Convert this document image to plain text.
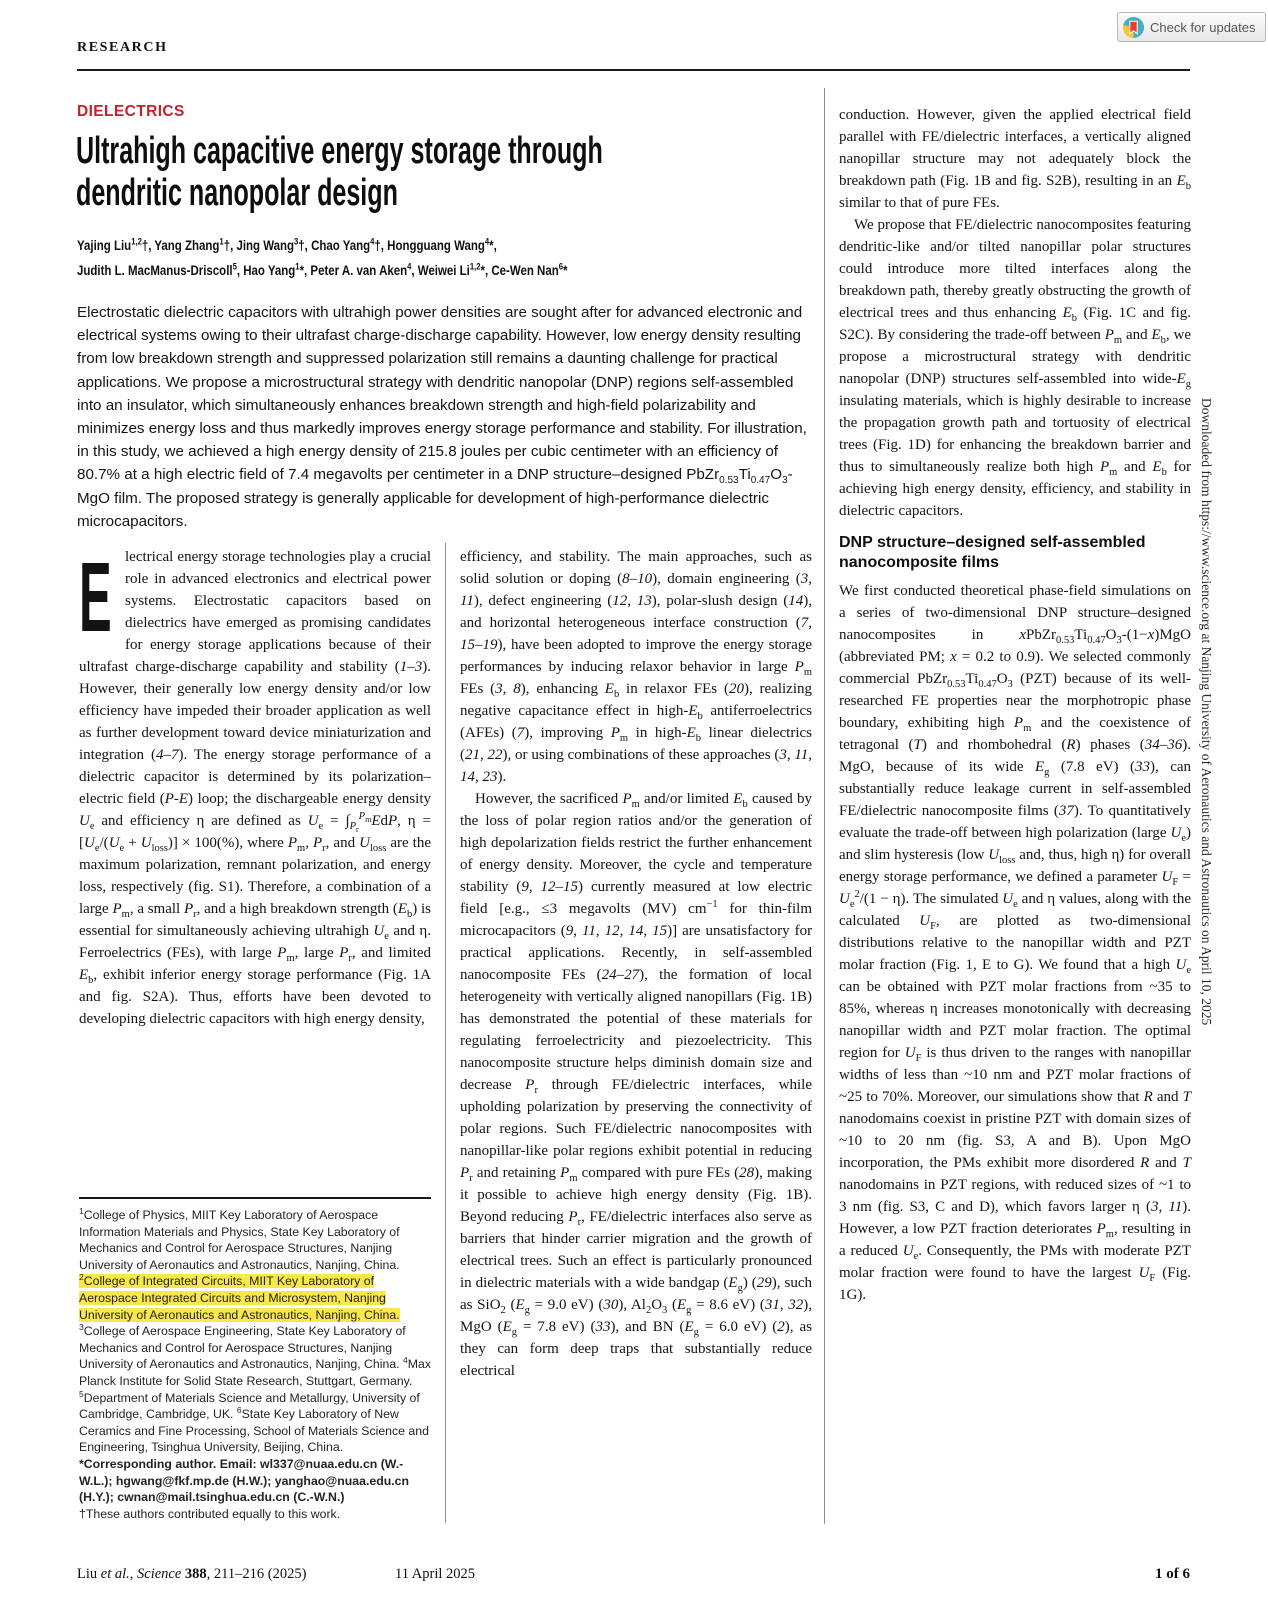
RESEARCH
Check for updates
DIELECTRICS
Ultrahigh capacitive energy storage through
dendritic nanopolar design
Yajing Liu$^{1,2}$†, Yang Zhang$^1$†, Jing Wang$^3$†, Chao Yang$^4$†, Hongguang Wang$^4$*,
Judith L. MacManus-Driscoll$^5$, Hao Yang$^1$*, Peter A. van Aken$^4$, Weiwei Li$^{1,2}$*, Ce-Wen Nan$^6$*
Electrostatic dielectric capacitors with ultrahigh power densities are sought after for advanced electronic and electrical systems owing to their ultrafast charge-discharge capability. However, low energy density resulting from low breakdown strength and suppressed polarization still remains a daunting challenge for practical applications. We propose a microstructural strategy with dendritic nanopolar (DNP) regions self-assembled into an insulator, which simultaneously enhances breakdown strength and high-field polarizability and minimizes energy loss and thus markedly improves energy storage performance and stability. For illustration, in this study, we achieved a high energy density of 215.8 joules per cubic centimeter with an efficiency of 80.7% at a high electric field of 7.4 megavolts per centimeter in a DNP structure–designed $PbZr_{0.53}Ti_{0.47}O_3$-MgO film. The proposed strategy is generally applicable for development of high-performance dielectric microcapacitors.

Electrical energy storage technologies play a crucial role in advanced electronics and electrical power systems. Electrostatic capacitors based on dielectrics have emerged as promising candidates for energy storage applications because of their ultrafast charge-discharge capability and stability (1–3). However, their generally low energy density and/or low efficiency have impeded their broader application as well as further development toward device miniaturization and integration (4–7). The energy storage performance of a dielectric capacitor is determined by its polarization–electric field (P-E) loop; the dischargeable energy density $U_e$ and efficiency η are defined as $U_e = \int_{P_r}^{P_m}EdP$, $\eta = [U_e/(U_e + U_{loss})] \times 100(\%)$, where $P_m$, $P_r$, and $U_{loss}$ are the maximum polarization, remnant polarization, and energy loss, respectively (fig. S1). Therefore, a combination of a large $P_m$, a small $P_r$, and a high breakdown strength $(E_b)$ is essential for simultaneously achieving ultrahigh $U_e$ and η. Ferroelectrics (FEs), with large $P_m$, large $P_r$, and limited $E_b$, exhibit inferior energy storage performance (Fig. 1A and fig. S2A). Thus, efforts have been devoted to developing dielectric capacitors with high energy density,

efficiency, and stability. The main approaches, such as solid solution or doping (8–10), domain engineering (3, 11), defect engineering (12, 13), polar-slush design (14), and horizontal heterogeneous interface construction (7, 15–19), have been adopted to improve the energy storage performances by inducing relaxor behavior in large $P_m$ FEs (3, 8), enhancing $E_b$ in relaxor FEs (20), realizing negative capacitance effect in high-$E_b$ antiferroelectrics (AFEs) (7), improving $P_m$ in high-$E_b$ linear dielectrics (21, 22), or using combinations of these approaches (3, 11, 14, 23).

However, the sacrificed $P_m$ and/or limited $E_b$ caused by the loss of polar region ratios and/or the generation of high depolarization fields restrict the further enhancement of energy density. Moreover, the cycle and temperature stability (9, 12–15) currently measured at low electric field [e.g., ≤3 megavolts (MV) $cm^{-1}$ for thin-film microcapacitors (9, 11, 12, 14, 15)] are unsatisfactory for practical applications. Recently, in self-assembled nanocomposite FEs (24–27), the formation of local heterogeneity with vertically aligned nanopillars (Fig. 1B) has demonstrated the potential of these materials for regulating ferroelectricity and piezoelectricity. This nanocomposite structure helps diminish domain size and decrease $P_r$ through FE/dielectric interfaces, while upholding polarization by preserving the connectivity of polar regions. Such FE/dielectric nanocomposites with nanopillar-like polar regions exhibit potential in reducing $P_r$ and retaining $P_m$ compared with pure FEs (28), making it possible to achieve high energy density (Fig. 1B). Beyond reducing $P_r$, FE/dielectric interfaces also serve as barriers that hinder carrier migration and the growth of electrical trees. Such an effect is particularly pronounced in dielectric materials with a wide bandgap $(E_g)$ (29), such as SiO$_2$ ($E_g = 9.0$ eV) (30), $Al_2O_3$ ($E_g = 8.6$ eV) (31, 32), MgO ($E_g = 7.8$ eV) (33), and BN ($E_g = 6.0$ eV) (2), as they can form deep traps that substantially reduce electrical

conduction. However, given the applied electrical field parallel with FE/dielectric interfaces, a vertically aligned nanopillar structure may not adequately block the breakdown path (Fig. 1B and fig. S2B), resulting in an $E_b$ similar to that of pure FEs.

We propose that FE/dielectric nanocomposites featuring dendritic-like and/or tilted nanopillar polar structures could introduce more tilted interfaces along the breakdown path, thereby greatly obstructing the growth of electrical trees and thus enhancing $E_b$ (Fig. 1C and fig. S2C). By considering the trade-off between $P_m$ and $E_b$, we propose a microstructural strategy with dendritic nanopolar (DNP) structures self-assembled into wide-$E_g$ insulating materials, which is highly desirable to increase the propagation growth path and tortuosity of electrical trees (Fig. 1D) for enhancing the breakdown barrier and thus to simultaneously realize both high $P_m$ and $E_b$ for achieving high energy density, efficiency, and stability in dielectric capacitors.

DNP structure–designed self-assembled nanocomposite films

We first conducted theoretical phase-field simulations on a series of two-dimensional DNP structure–designed nanocomposites in $xPbZr_{0.53}Ti_{0.47}O_3-(1-x)MgO$ (abbreviated PM; x = 0.2 to 0.9). We selected commonly commercial $PbZr_{0.53}Ti_{0.47}O_3$ (PZT) because of its well-researched FE properties near the morphotropic phase boundary, exhibiting high $P_m$ and the coexistence of tetragonal (T) and rhombohedral (R) phases (34–36). MgO, because of its wide $E_g$ (7.8 eV) (33), can substantially reduce leakage current in self-assembled FE/dielectric nanocomposite films (37). To quantitatively evaluate the trade-off between high polarization (large $U_e$) and slim hysteresis (low $U_{loss}$ and, thus, high η) for overall energy storage performance, we defined a parameter $U_F = U_e^2/(1 - \eta)$. The simulated $U_e$ and η values, along with the calculated $U_F$, are plotted as two-dimensional distributions relative to the nanopillar width and PZT molar fraction (Fig. 1, E to G). We found that a high $U_e$ can be obtained with PZT molar fractions from ~35 to 85%, whereas η increases monotonically with decreasing nanopillar width and PZT molar fraction. The optimal region for $U_F$ is thus driven to the ranges with nanopillar widths of less than ~10 nm and PZT molar fractions of ~25 to 70%. Moreover, our simulations show that R and T nanodomains coexist in pristine PZT with domain sizes of ~10 to 20 nm (fig. S3, A and B). Upon MgO incorporation, the PMs exhibit more disordered R and T nanodomains in PZT regions, with reduced sizes of ~1 to 3 nm (fig. S3, C and D), which favors larger η (3, 11). However, a low PZT fraction deteriorates $P_m$, resulting in a reduced $U_e$. Consequently, the PMs with moderate PZT molar fraction were found to have the largest $U_F$ (Fig. 1G).

$^1$College of Physics, MIIT Key Laboratory of Aerospace Information Materials and Physics, State Key Laboratory of Mechanics and Control for Aerospace Structures, Nanjing University of Aeronautics and Astronautics, Nanjing, China. $^2$College of Integrated Circuits, MIIT Key Laboratory of Aerospace Integrated Circuits and Microsystem, Nanjing University of Aeronautics and Astronautics, Nanjing, China. $^3$College of Aerospace Engineering, State Key Laboratory of Mechanics and Control for Aerospace Structures, Nanjing University of Aeronautics and Astronautics, Nanjing, China. $^4$Max Planck Institute for Solid State Research, Stuttgart, Germany. $^5$Department of Materials Science and Metallurgy, University of Cambridge, Cambridge, UK. $^6$State Key Laboratory of New Ceramics and Fine Processing, School of Materials Science and Engineering, Tsinghua University, Beijing, China.

*Corresponding author. Email: wl337@nuaa.edu.cn (W.-W.L.); hgwang@fkf.mp.de (H.W.); yanghao@nuaa.edu.cn (H.Y.); cwnan@mail.tsinghua.edu.cn (C.-W.N.)

†These authors contributed equally to this work.

Liu et al., Science 388, 211–216 (2025)	11 April 2025	1 of 6
Downloaded from https://www.science.org at Nanjing University of Aeronautics and Astronautics on April 10, 2025
